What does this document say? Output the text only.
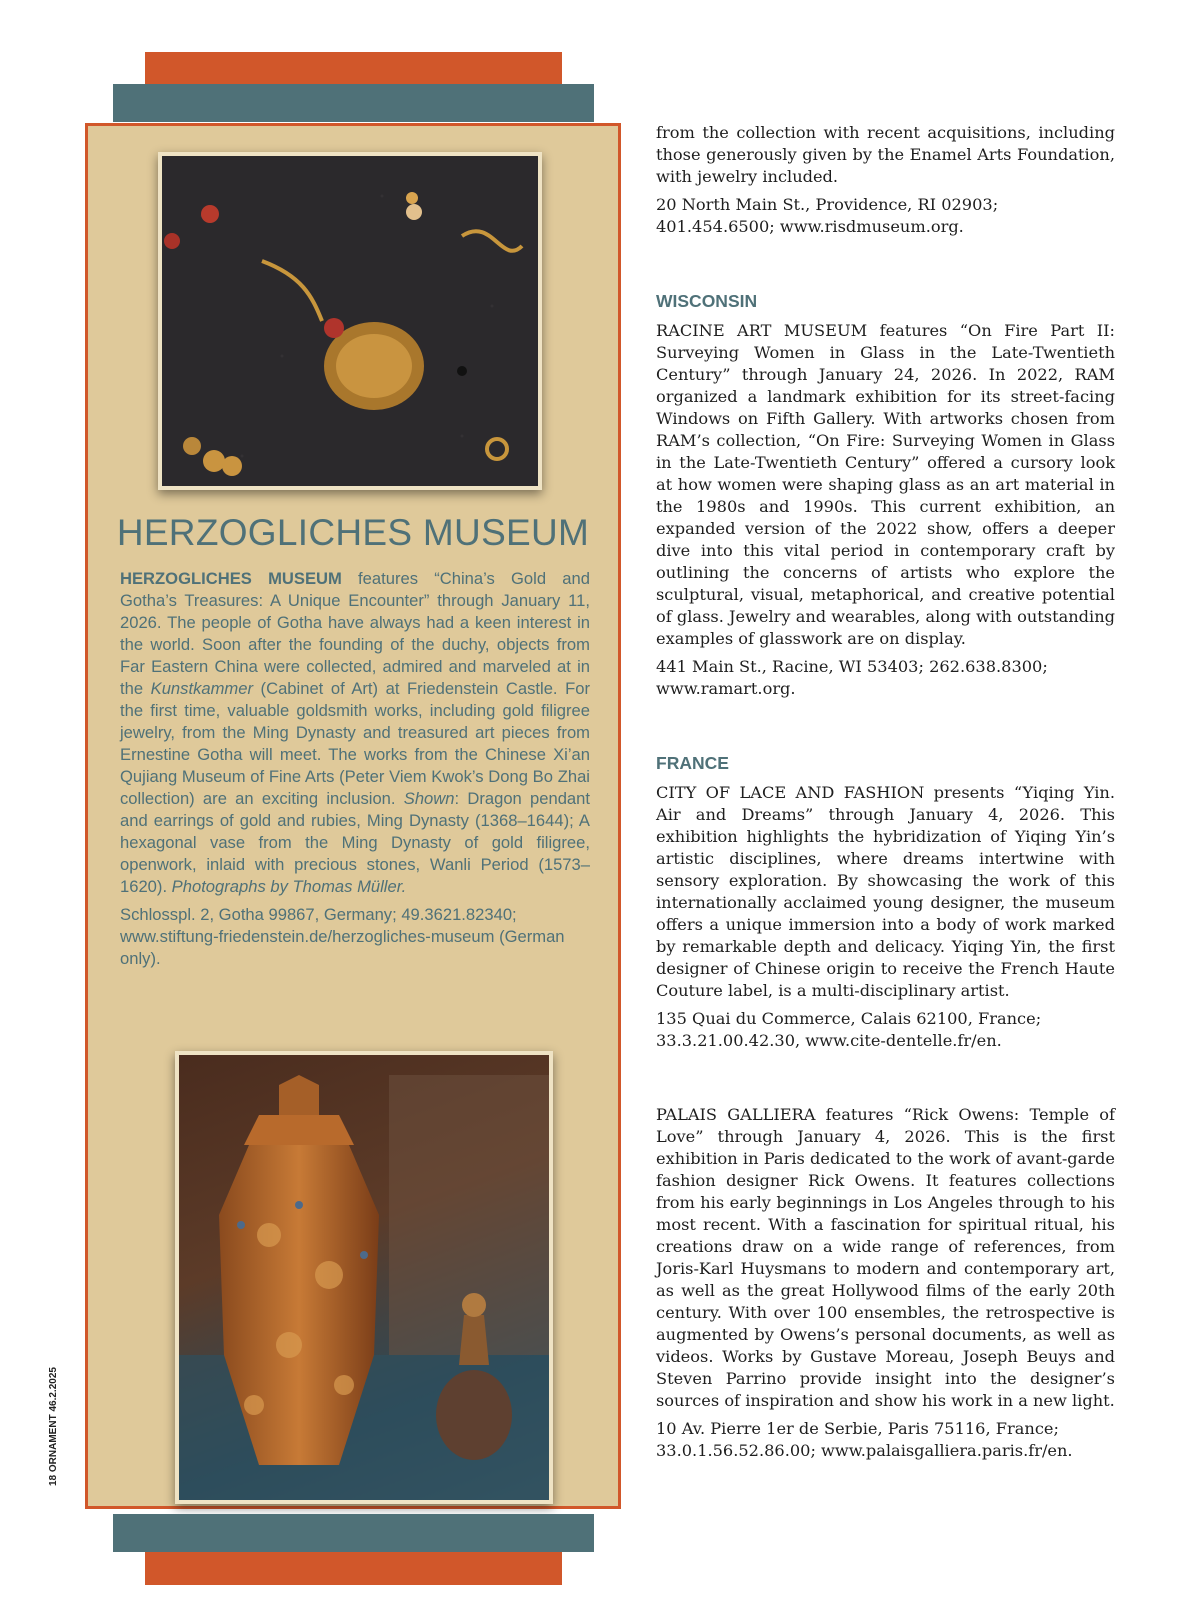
HERZOGLICHES MUSEUM

HERZOGLICHES MUSEUM features “China’s Gold and Gotha’s Treasures: A Unique Encounter” through January 11, 2026. The people of Gotha have always had a keen interest in the world. Soon after the founding of the duchy, objects from Far Eastern China were collected, admired and marveled at in the Kunstkammer (Cabinet of Art) at Friedenstein Castle. For the first time, valuable goldsmith works, including gold filigree jewelry, from the Ming Dynasty and treasured art pieces from Ernestine Gotha will meet. The works from the Chinese Xi’an Qujiang Museum of Fine Arts (Peter Viem Kwok’s Dong Bo Zhai collection) are an exciting inclusion. Shown: Dragon pendant and earrings of gold and rubies, Ming Dynasty (1368–1644); A hexagonal vase from the Ming Dynasty of gold filigree, openwork, inlaid with precious stones, Wanli Period (1573–1620). Photographs by Thomas Müller.

Schlosspl. 2, Gotha 99867, Germany; 49.3621.82340; www.stiftung-friedenstein.de/herzogliches-museum (German only).

18 ORNAMENT 46.2.2025

from the collection with recent acquisitions, including those generously given by the Enamel Arts Foundation, with jewelry included.

20 North Main St., Providence, RI 02903; 401.454.6500; www.risdmuseum.org.

WISCONSIN

RACINE ART MUSEUM features “On Fire Part II: Surveying Women in Glass in the Late-Twentieth Century” through January 24, 2026. In 2022, RAM organized a landmark exhibition for its street-facing Windows on Fifth Gallery. With artworks chosen from RAM’s collection, “On Fire: Surveying Women in Glass in the Late-Twentieth Century” offered a cursory look at how women were shaping glass as an art material in the 1980s and 1990s. This current exhibition, an expanded version of the 2022 show, offers a deeper dive into this vital period in contemporary craft by outlining the concerns of artists who explore the sculptural, visual, metaphorical, and creative potential of glass. Jewelry and wearables, along with outstanding examples of glasswork are on display.

441 Main St., Racine, WI 53403; 262.638.8300; www.ramart.org.

FRANCE

CITY OF LACE AND FASHION presents “Yiqing Yin. Air and Dreams” through January 4, 2026. This exhibition highlights the hybridization of Yiqing Yin’s artistic disciplines, where dreams intertwine with sensory exploration. By showcasing the work of this internationally acclaimed young designer, the museum offers a unique immersion into a body of work marked by remarkable depth and delicacy. Yiqing Yin, the first designer of Chinese origin to receive the French Haute Couture label, is a multi-disciplinary artist.

135 Quai du Commerce, Calais 62100, France; 33.3.21.00.42.30, www.cite-dentelle.fr/en.

PALAIS GALLIERA features “Rick Owens: Temple of Love” through January 4, 2026. This is the first exhibition in Paris dedicated to the work of avant-garde fashion designer Rick Owens. It features collections from his early beginnings in Los Angeles through to his most recent. With a fascination for spiritual ritual, his creations draw on a wide range of references, from Joris-Karl Huysmans to modern and contemporary art, as well as the great Hollywood films of the early 20th century. With over 100 ensembles, the retrospective is augmented by Owens’s personal documents, as well as videos. Works by Gustave Moreau, Joseph Beuys and Steven Parrino provide insight into the designer’s sources of inspiration and show his work in a new light.

10 Av. Pierre 1er de Serbie, Paris 75116, France; 33.0.1.56.52.86.00; www.palaisgalliera.paris.fr/en.
